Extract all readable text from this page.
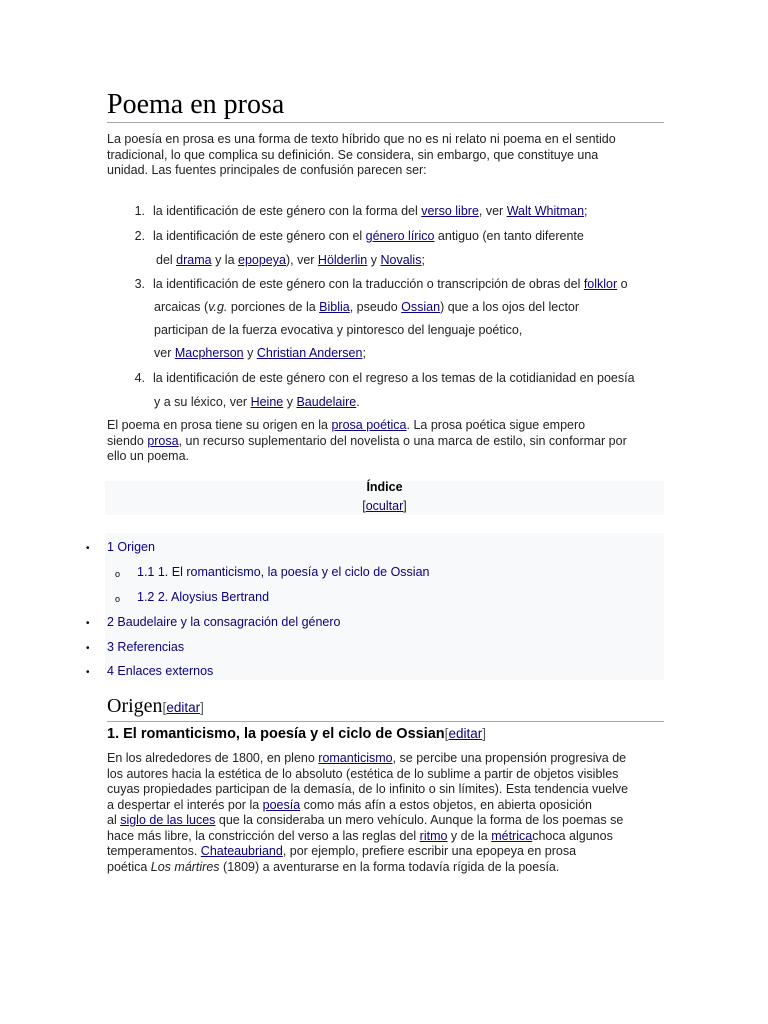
Poema en prosa
La poesía en prosa es una forma de texto híbrido que no es ni relato ni poema en el sentido
tradicional, lo que complica su definición. Se considera, sin embargo, que constituye una
unidad. Las fuentes principales de confusión parecen ser:
1. la identificación de este género con la forma del verso libre, ver Walt Whitman;
2. la identificación de este género con el género lírico antiguo (en tanto diferente
del drama y la epopeya), ver Hölderlin y Novalis;
3. la identificación de este género con la traducción o transcripción de obras del folklor o
arcaicas (v.g. porciones de la Biblia, pseudo Ossian) que a los ojos del lector
participan de la fuerza evocativa y pintoresco del lenguaje poético,
ver Macpherson y Christian Andersen;
4. la identificación de este género con el regreso a los temas de la cotidianidad en poesía
y a su léxico, ver Heine y Baudelaire.
El poema en prosa tiene su origen en la prosa poética. La prosa poética sigue empero
siendo prosa, un recurso suplementario del novelista o una marca de estilo, sin conformar por
ello un poema.
Índice
[ocultar]
• 1 Origen
o 1.1 1. El romanticismo, la poesía y el ciclo de Ossian
o 1.2 2. Aloysius Bertrand
• 2 Baudelaire y la consagración del género
• 3 Referencias
• 4 Enlaces externos
Origen[editar]
1. El romanticismo, la poesía y el ciclo de Ossian[editar]
En los alrededores de 1800, en pleno romanticismo, se percibe una propensión progresiva de
los autores hacia la estética de lo absoluto (estética de lo sublime a partir de objetos visibles
cuyas propiedades participan de la demasía, de lo infinito o sin límites). Esta tendencia vuelve
a despertar el interés por la poesía como más afín a estos objetos, en abierta oposición
al siglo de las luces que la consideraba un mero vehículo. Aunque la forma de los poemas se
hace más libre, la constricción del verso a las reglas del ritmo y de la métricachoca algunos
temperamentos. Chateaubriand, por ejemplo, prefiere escribir una epopeya en prosa
poética Los mártires (1809) a aventurarse en la forma todavía rígida de la poesía.
